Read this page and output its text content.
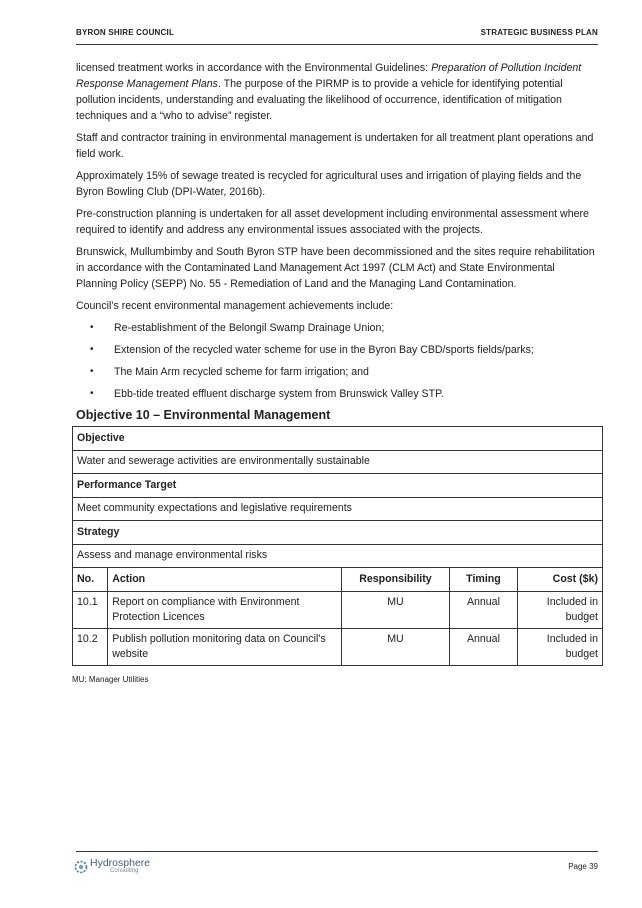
BYRON SHIRE COUNCIL	STRATEGIC BUSINESS PLAN

licensed treatment works in accordance with the Environmental Guidelines: Preparation of Pollution Incident Response Management Plans. The purpose of the PIRMP is to provide a vehicle for identifying potential pollution incidents, understanding and evaluating the likelihood of occurrence, identification of mitigation techniques and a “who to advise” register.

Staff and contractor training in environmental management is undertaken for all treatment plant operations and field work.

Approximately 15% of sewage treated is recycled for agricultural uses and irrigation of playing fields and the Byron Bowling Club (DPI-Water, 2016b).

Pre-construction planning is undertaken for all asset development including environmental assessment where required to identify and address any environmental issues associated with the projects.

Brunswick, Mullumbimby and South Byron STP have been decommissioned and the sites require rehabilitation in accordance with the Contaminated Land Management Act 1997 (CLM Act) and State Environmental Planning Policy (SEPP) No. 55 - Remediation of Land and the Managing Land Contamination.

Council’s recent environmental management achievements include:

• Re-establishment of the Belongil Swamp Drainage Union;
• Extension of the recycled water scheme for use in the Byron Bay CBD/sports fields/parks;
• The Main Arm recycled scheme for farm irrigation; and
• Ebb-tide treated effluent discharge system from Brunswick Valley STP.
Objective 10 – Environmental Management
Objective				
Water and sewerage activities are environmentally sustainable				
Performance Target				
Meet community expectations and legislative requirements				
Strategy				
Assess and manage environmental risks				
No.	Action	Responsibility	Timing	Cost ($k)
10.1	Report on compliance with Environment Protection Licences	MU	Annual	Included in budget
10.2	Publish pollution monitoring data on Council’s website	MU	Annual	Included in budget
MU: Manager Utilities
Hydrosphere
Consulting	Page 39
